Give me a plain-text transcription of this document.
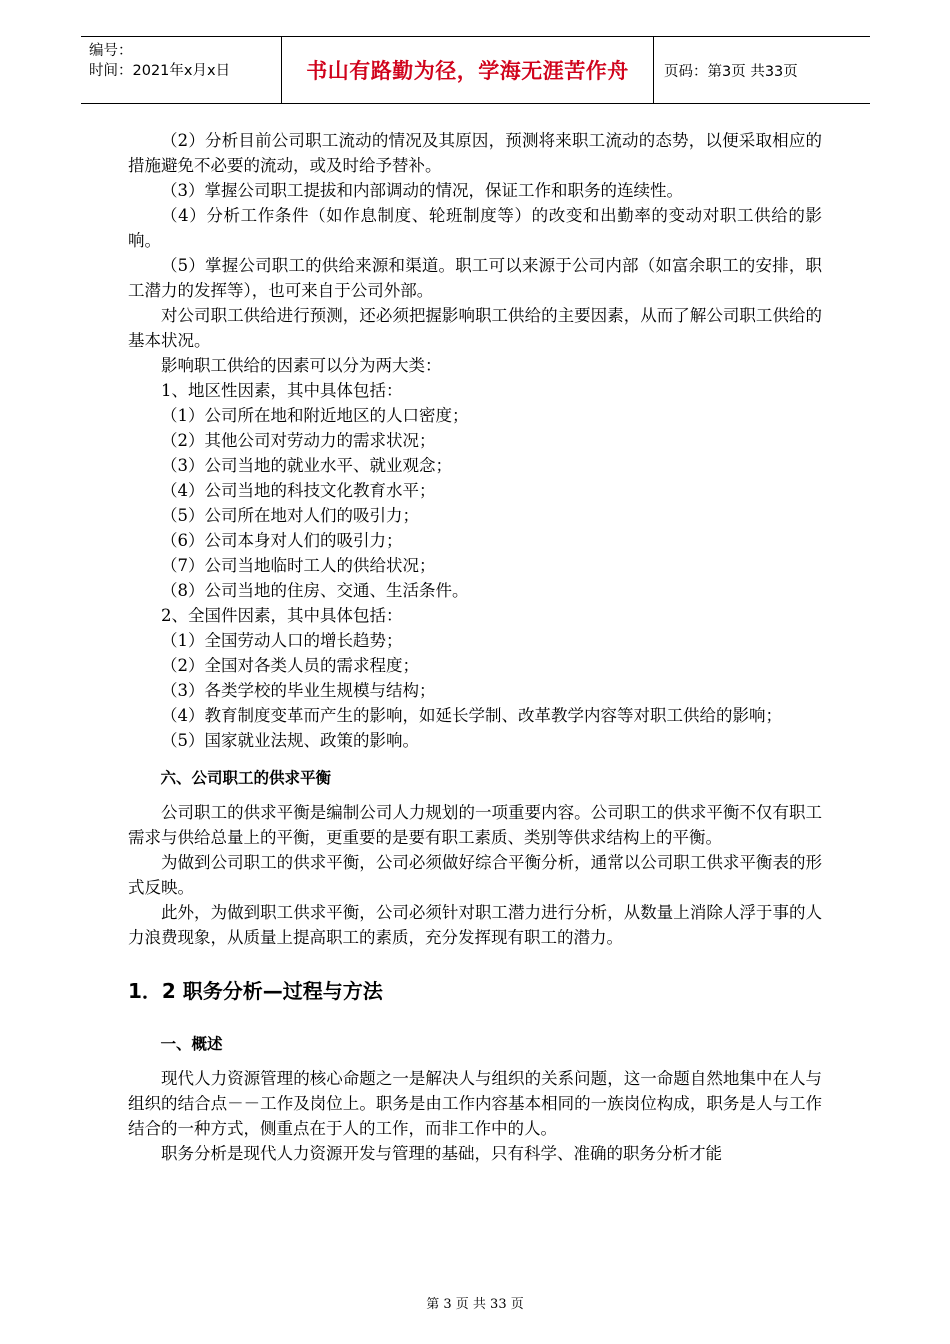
编号：
时间：2021年x月x日	书山有路勤为径，学海无涯苦作舟	页码：第3页 共33页

（2）分析目前公司职工流动的情况及其原因，预测将来职工流动的态势，以便采取相应的措施避免不必要的流动，或及时给予替补。

（3）掌握公司职工提拔和内部调动的情况，保证工作和职务的连续性。

（4）分析工作条件（如作息制度、轮班制度等）的改变和出勤率的变动对职工供给的影响。

（5）掌握公司职工的供给来源和渠道。职工可以来源于公司内部（如富余职工的安排，职工潜力的发挥等），也可来自于公司外部。

对公司职工供给进行预测，还必须把握影响职工供给的主要因素，从而了解公司职工供给的基本状况。

影响职工供给的因素可以分为两大类：

1、地区性因素，其中具体包括：

（1）公司所在地和附近地区的人口密度；

（2）其他公司对劳动力的需求状况；

（3）公司当地的就业水平、就业观念；

（4）公司当地的科技文化教育水平；

（5）公司所在地对人们的吸引力；

（6）公司本身对人们的吸引力；

（7）公司当地临时工人的供给状况；

（8）公司当地的住房、交通、生活条件。

2、全国件因素，其中具体包括：

（1）全国劳动人口的增长趋势；

（2）全国对各类人员的需求程度；

（3）各类学校的毕业生规模与结构；

（4）教育制度变革而产生的影响，如延长学制、改革教学内容等对职工供给的影响；

（5）国家就业法规、政策的影响。

六、公司职工的供求平衡

公司职工的供求平衡是编制公司人力规划的一项重要内容。公司职工的供求平衡不仅有职工需求与供给总量上的平衡，更重要的是要有职工素质、类别等供求结构上的平衡。

为做到公司职工的供求平衡，公司必须做好综合平衡分析，通常以公司职工供求平衡表的形式反映。

此外，为做到职工供求平衡，公司必须针对职工潜力进行分析，从数量上消除人浮于事的人力浪费现象，从质量上提高职工的素质，充分发挥现有职工的潜力。

1．2 职务分析—过程与方法
一、概述

现代人力资源管理的核心命题之一是解决人与组织的关系问题，这一命题自然地集中在人与组织的结合点－－工作及岗位上。职务是由工作内容基本相同的一族岗位构成，职务是人与工作结合的一种方式，侧重点在于人的工作，而非工作中的人。

职务分析是现代人力资源开发与管理的基础，只有科学、准确的职务分析才能

第 3 页 共 33 页
